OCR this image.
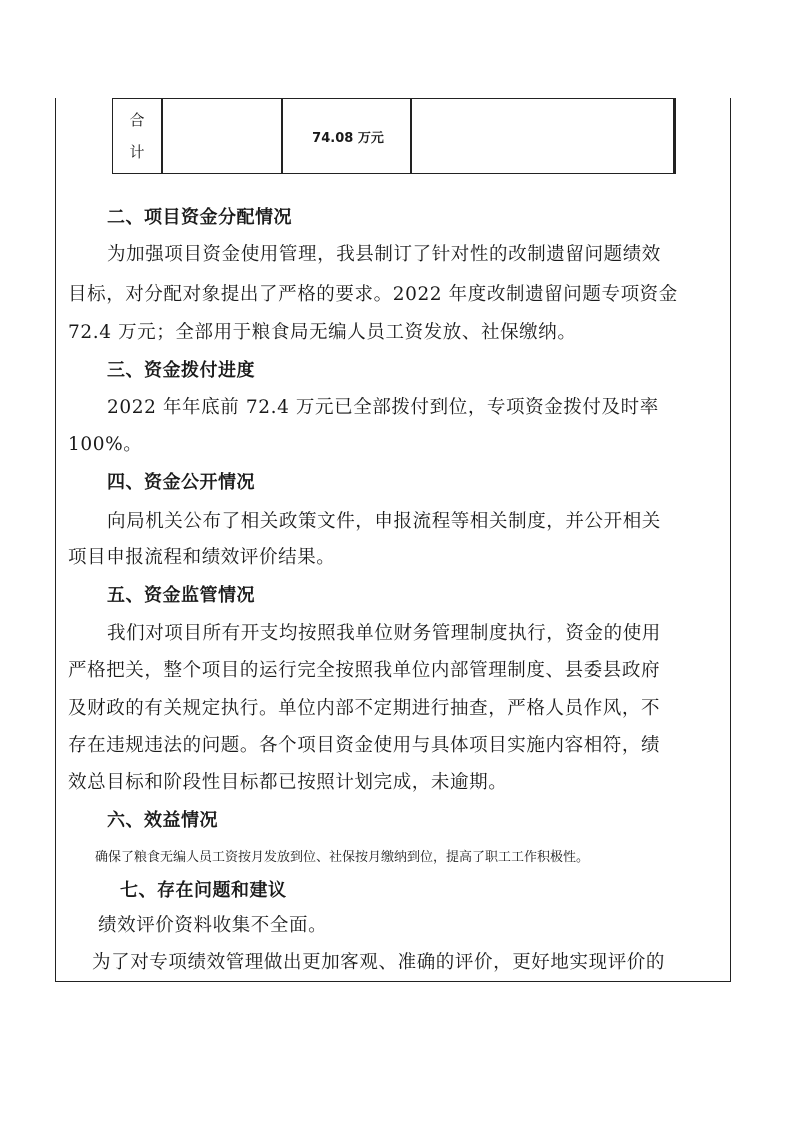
合
计
74.08 万元
二、项目资金分配情况
为加强项目资金使用管理，我县制订了针对性的改制遗留问题绩效
目标，对分配对象提出了严格的要求。2022 年度改制遗留问题专项资金
72.4 万元；全部用于粮食局无编人员工资发放、社保缴纳。
三、资金拨付进度
2022 年年底前 72.4 万元已全部拨付到位，专项资金拨付及时率
100%。
四、资金公开情况
向局机关公布了相关政策文件，申报流程等相关制度，并公开相关
项目申报流程和绩效评价结果。
五、资金监管情况
我们对项目所有开支均按照我单位财务管理制度执行，资金的使用
严格把关，整个项目的运行完全按照我单位内部管理制度、县委县政府
及财政的有关规定执行。单位内部不定期进行抽查，严格人员作风，不
存在违规违法的问题。各个项目资金使用与具体项目实施内容相符，绩
效总目标和阶段性目标都已按照计划完成，未逾期。
六、效益情况
确保了粮食无编人员工资按月发放到位、社保按月缴纳到位，提高了职工工作积极性。
七、存在问题和建议
绩效评价资料收集不全面。
为了对专项绩效管理做出更加客观、准确的评价，更好地实现评价的
